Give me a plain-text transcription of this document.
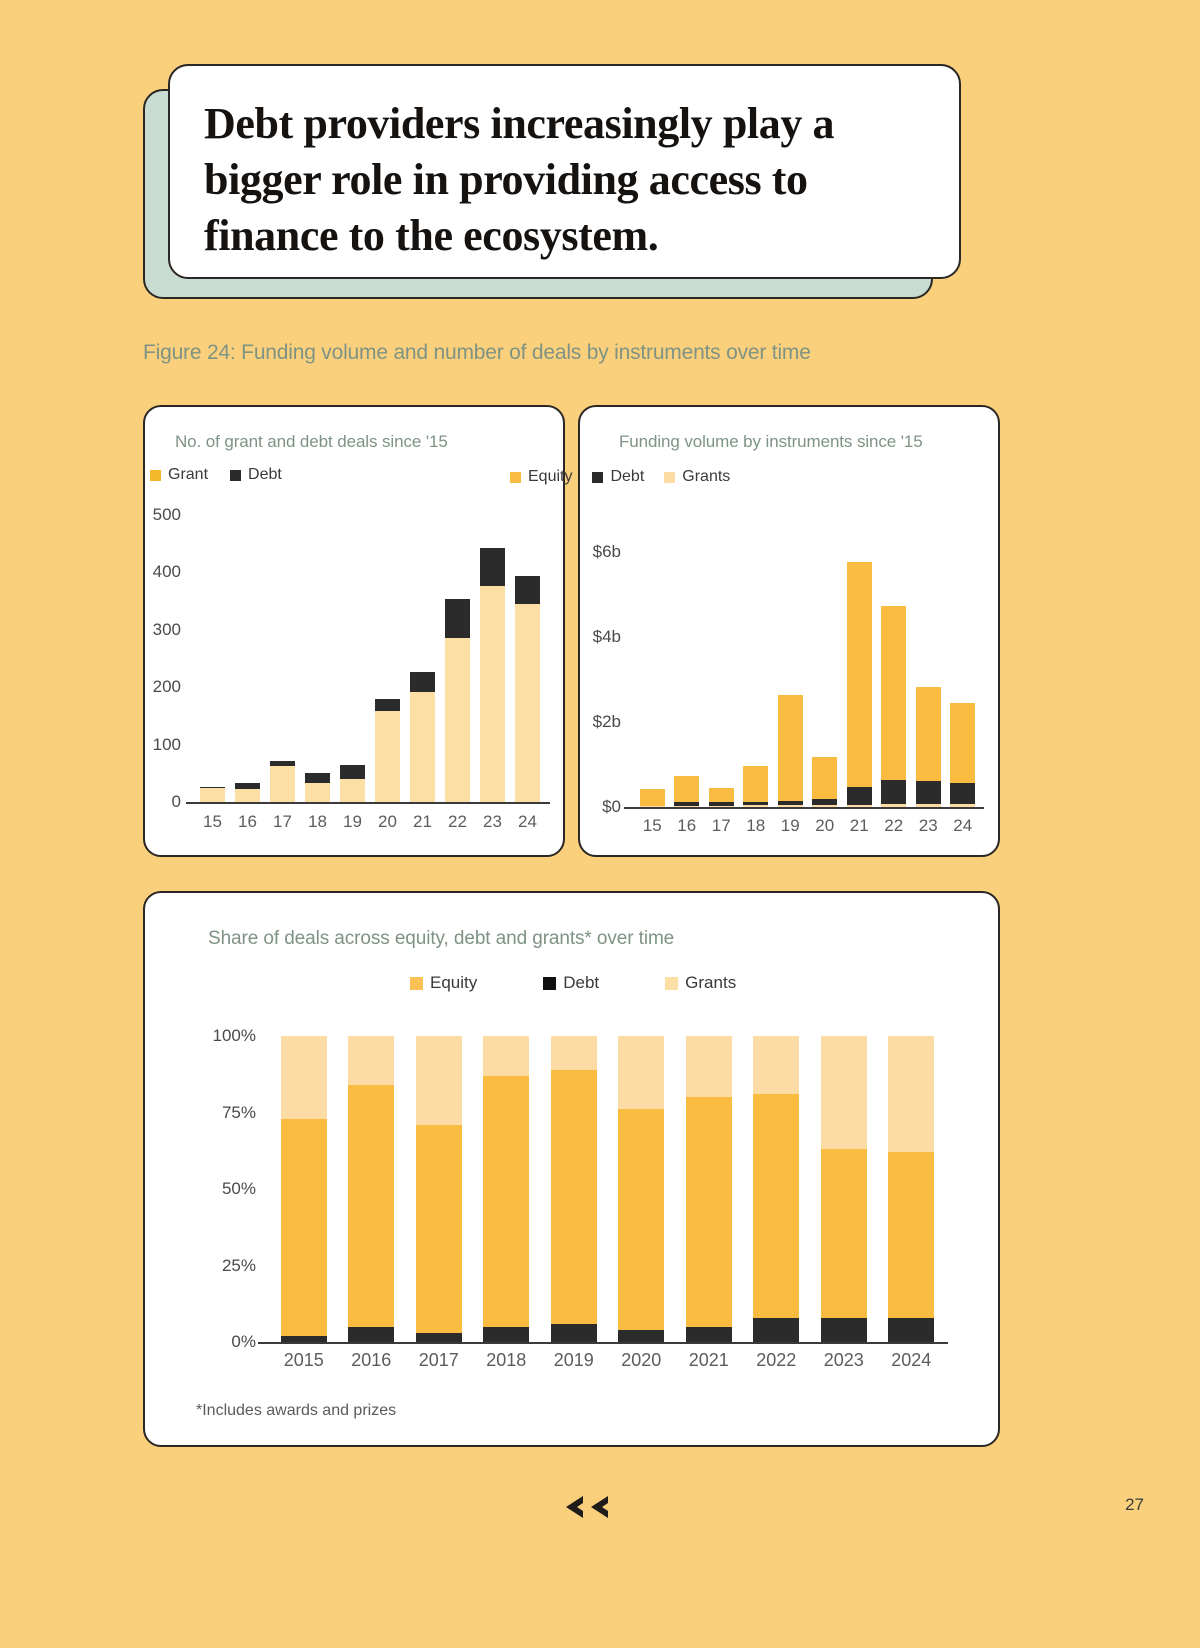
Debt providers increasingly play a bigger role in providing access to finance to the ecosystem.
Figure 24: Funding volume and number of deals by instruments over time
No. of grant and debt deals since '15
Grant	Debt
0
100
200
300
400
500
15 16 17 18 19 20 21 22 23 24
Funding volume by instruments since '15
Equity Debt Grants
$0
$2b
$4b
$6b
15 16 17 18 19 20 21 22 23 24
Share of deals across equity, debt and grants* over time
Equity	Debt	Grants
0%
25%
50%
75%
100%
2015	2016	2017	2018	2019	2020	2021	2022	2023	2024
*Includes awards and prizes
27
